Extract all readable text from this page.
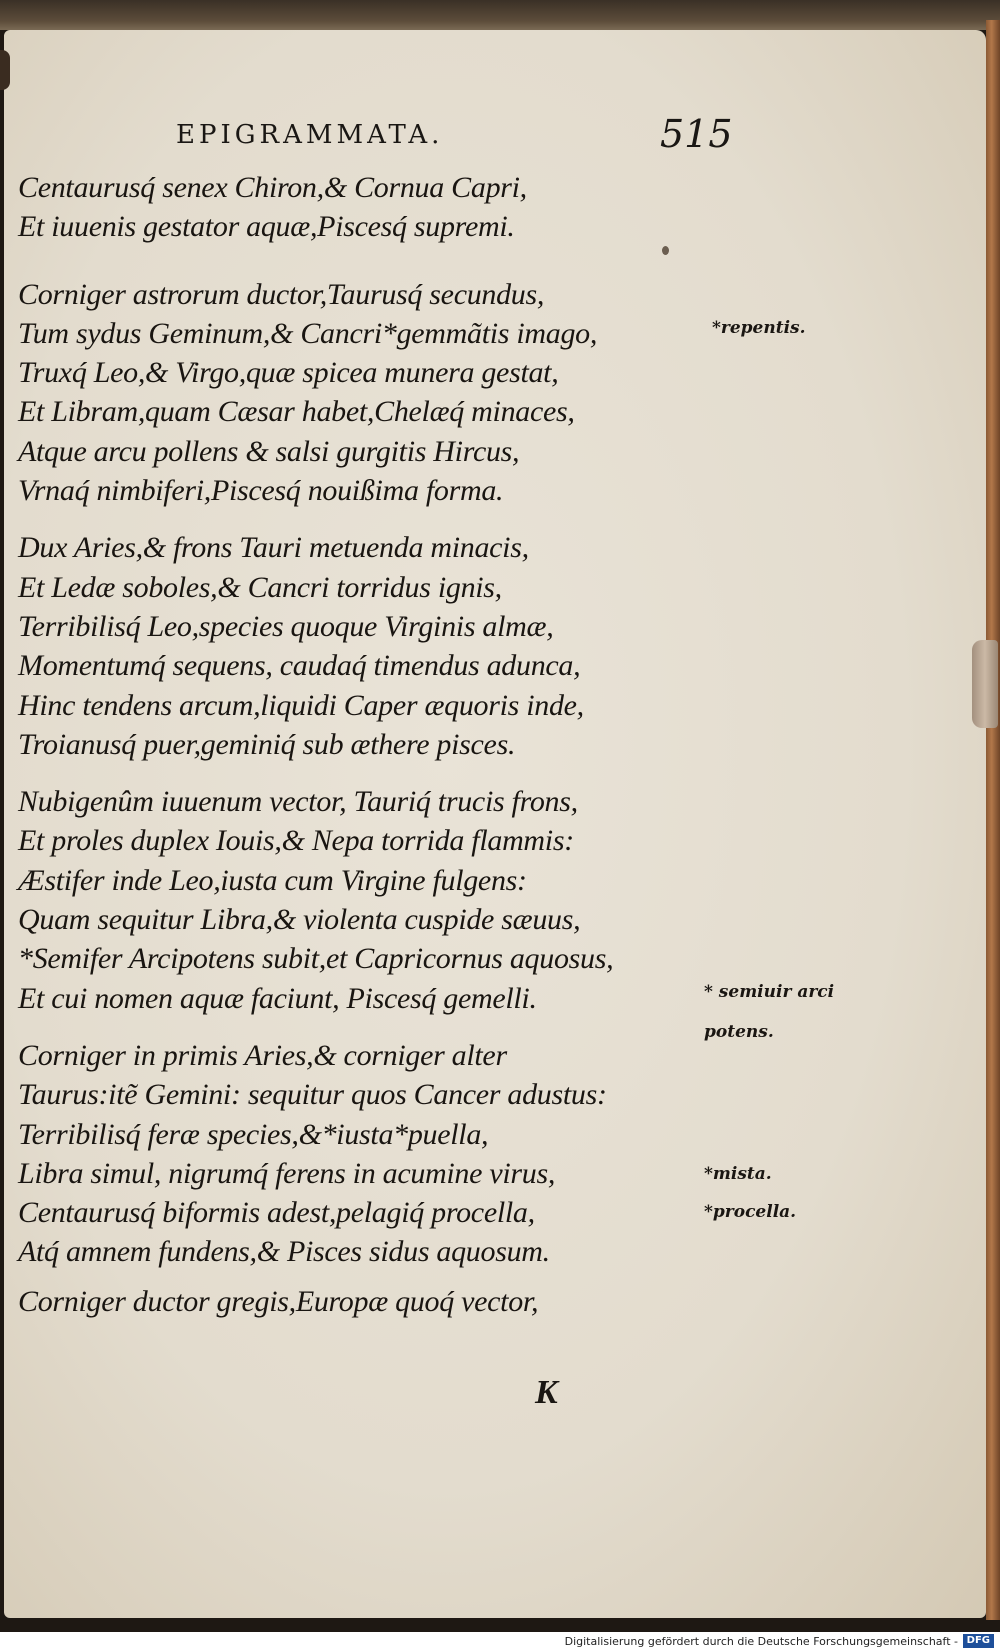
EPIGRAMMATA.	515
Centaurusq́ senex Chiron,& Cornua Capri,
Et iuuenis gestator aquæ,Piscesq́ supremi.
Corniger astrorum ductor,Taurusq́ secundus,
Tum sydus Geminum,& Cancri*gemmãtis imago,
Truxq́ Leo,& Virgo,quæ spicea munera gestat,
Et Libram,quam Cæsar habet,Chelæq́ minaces,
Atque arcu pollens & salsi gurgitis Hircus,
Vrnaq́ nimbiferi,Piscesq́ nouißima forma.
Dux Aries,& frons Tauri metuenda minacis,
Et Ledæ soboles,& Cancri torridus ignis,
Terribilisq́ Leo,species quoque Virginis almæ,
Momentumq́ sequens, caudaq́ timendus adunca,
Hinc tendens arcum,liquidi Caper æquoris inde,
Troianusq́ puer,geminiq́ sub æthere pisces.
Nubigenûm iuuenum vector, Tauriq́ trucis frons,
Et proles duplex Iouis,& Nepa torrida flammis:
Æstifer inde Leo,iusta cum Virgine fulgens:
Quam sequitur Libra,& violenta cuspide sæuus,
*Semifer Arcipotens subit,et Capricornus aquosus,
Et cui nomen aquæ faciunt, Piscesq́ gemelli.
Corniger in primis Aries,& corniger alter
Taurus:itẽ Gemini: sequitur quos Cancer adustus:
Terribilisq́ feræ species,&*iusta*puella,
Libra simul, nigrumq́ ferens in acumine virus,
Centaurusq́ biformis adest,pelagiq́ procella,
Atq́ amnem fundens,& Pisces sidus aquosum.
Corniger ductor gregis,Europæ quoq́ vector,
*repentis.
* semiuir arci
potens.
*mista.
*procella.
K
Digitalisierung gefördert durch die Deutsche Forschungsgemeinschaft - DFG
